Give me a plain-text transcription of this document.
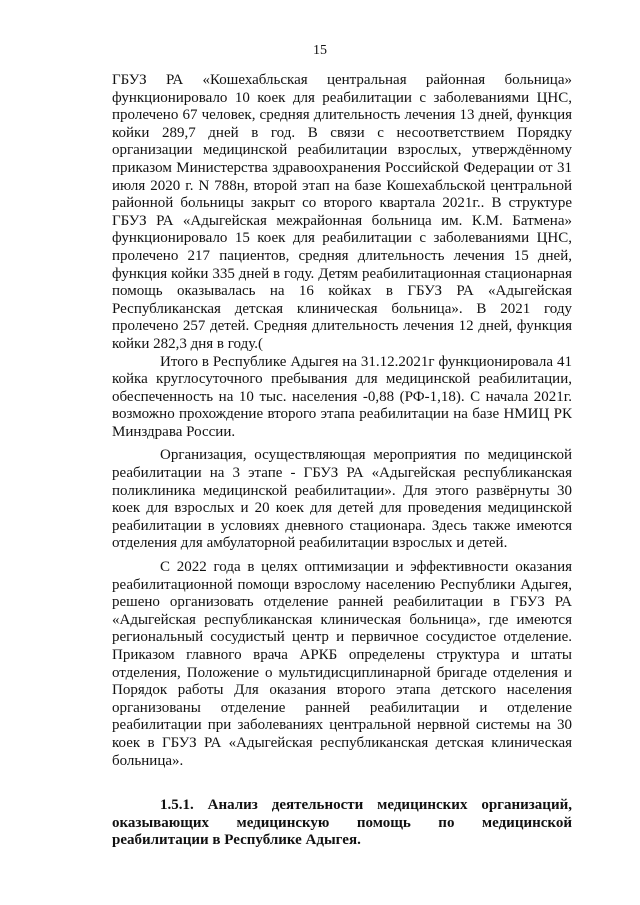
15

ГБУЗ РА «Кошехабльская центральная районная больница» функционировало 10 коек для реабилитации с заболеваниями ЦНС, пролечено 67 человек, средняя длительность лечения 13 дней, функция койки 289,7 дней в год. В связи с несоответствием Порядку организации медицинской реабилитации взрослых, утверждённому приказом Министерства здравоохранения Российской Федерации от 31 июля 2020 г. N 788н, второй этап на базе Кошехабльской центральной районной больницы закрыт со второго квартала 2021г.. В структуре ГБУЗ РА «Адыгейская межрайонная больница им. К.М. Батмена» функционировало 15 коек для реабилитации с заболеваниями ЦНС, пролечено 217 пациентов, средняя длительность лечения 15 дней, функция койки 335 дней в году. Детям реабилитационная стационарная помощь оказывалась на 16 койках в ГБУЗ РА «Адыгейская Республиканская детская клиническая больница». В 2021 году пролечено 257 детей. Средняя длительность лечения 12 дней, функция койки 282,3 дня в году.(

Итого в Республике Адыгея на 31.12.2021г функционировала 41 койка круглосуточного пребывания для медицинской реабилитации, обеспеченность на 10 тыс. населения -0,88 (РФ-1,18). С начала 2021г. возможно прохождение второго этапа реабилитации на базе НМИЦ РК Минздрава России.

Организация, осуществляющая мероприятия по медицинской реабилитации на 3 этапе - ГБУЗ РА «Адыгейская республиканская поликлиника медицинской реабилитации». Для этого развёрнуты 30 коек для взрослых и 20 коек для детей для проведения медицинской реабилитации в условиях дневного стационара. Здесь также имеются отделения для амбулаторной реабилитации взрослых и детей.

С 2022 года в целях оптимизации и эффективности оказания реабилитационной помощи взрослому населению Республики Адыгея, решено организовать отделение ранней реабилитации в ГБУЗ РА «Адыгейская республиканская клиническая больница», где имеются региональный сосудистый центр и первичное сосудистое отделение. Приказом главного врача АРКБ определены структура и штаты отделения, Положение о мультидисциплинарной бригаде отделения и Порядок работы Для оказания второго этапа детского населения организованы отделение ранней реабилитации и отделение реабилитации при заболеваниях центральной нервной системы на 30 коек в ГБУЗ РА «Адыгейская республиканская детская клиническая больница».

1.5.1. Анализ деятельности медицинских организаций, оказывающих медицинскую помощь по медицинской реабилитации в Республике Адыгея.
